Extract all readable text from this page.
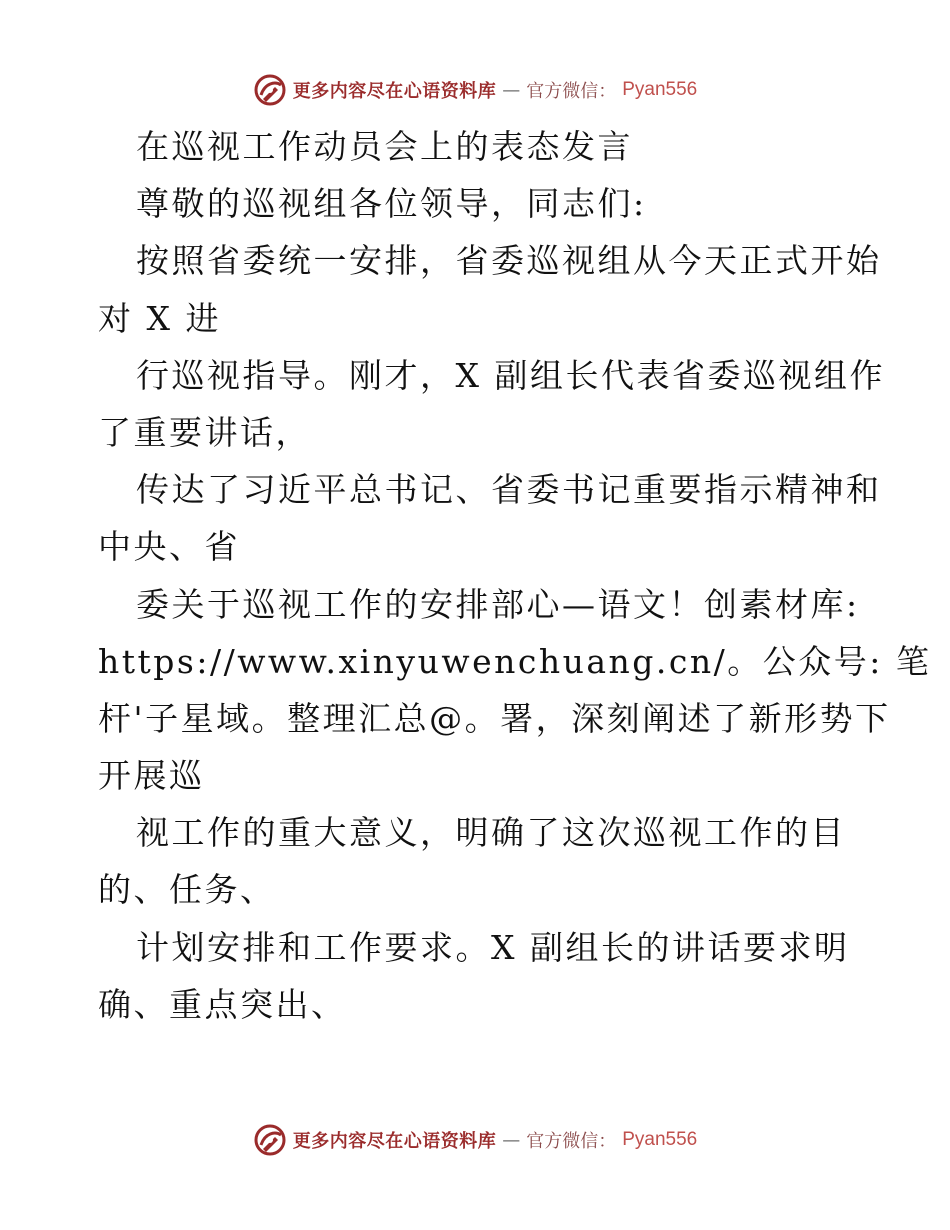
更多内容尽在心语资料库 — 官方微信： Pyan556
在巡视工作动员会上的表态发言
尊敬的巡视组各位领导，同志们:
按照省委统一安排，省委巡视组从今天正式开始
对 X 进
行巡视指导。刚才，X 副组长代表省委巡视组作
了重要讲话，
传达了习近平总书记、省委书记重要指示精神和
中央、省
委关于巡视工作的安排部心—语文！创素材库:
https://www.xinyuwenchuang.cn/。公众号: 笔
杆'子星域。整理汇总@。署，深刻阐述了新形势下
开展巡
视工作的重大意义，明确了这次巡视工作的目
的、任务、
计划安排和工作要求。X 副组长的讲话要求明
确、重点突出、
更多内容尽在心语资料库 — 官方微信： Pyan556
